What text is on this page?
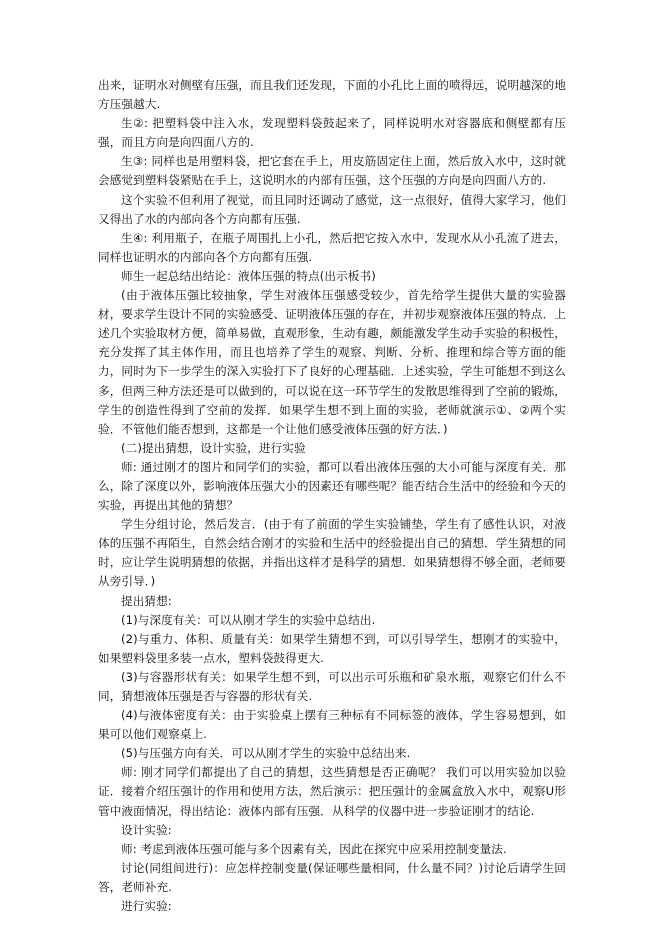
出来，证明水对侧壁有压强，而且我们还发现，下面的小孔比上面的喷得远，说明越深的地方压强越大.

生②: 把塑料袋中注入水，发现塑料袋鼓起来了，同样说明水对容器底和侧壁都有压强，而且方向是向四面八方的.

生③: 同样也是用塑料袋，把它套在手上，用皮筋固定住上面，然后放入水中，这时就会感觉到塑料袋紧贴在手上，这说明水的内部有压强，这个压强的方向是向四面八方的.

这个实验不但利用了视觉，而且同时还调动了感觉，这一点很好，值得大家学习，他们又得出了水的内部向各个方向都有压强.

生④: 利用瓶子，在瓶子周围扎上小孔，然后把它按入水中，发现水从小孔流了进去，同样也证明水的内部向各个方向都有压强.

师生一起总结出结论：液体压强的特点(出示板书)

(由于液体压强比较抽象，学生对液体压强感受较少，首先给学生提供大量的实验器材，要求学生设计不同的实验感受、证明液体压强的存在，并初步观察液体压强的特点．上述几个实验取材方便，简单易做，直观形象，生动有趣，颇能激发学生动手实验的积极性，充分发挥了其主体作用，而且也培养了学生的观察、判断、分析、推理和综合等方面的能力，同时为下一步学生的深入实验打下了良好的心理基础．上述实验，学生可能想不到这么多，但两三种方法还是可以做到的，可以说在这一环节学生的发散思维得到了空前的锻炼，学生的创造性得到了空前的发挥．如果学生想不到上面的实验，老师就演示①、②两个实验．不管他们能否想到，这都是一个让他们感受液体压强的好方法．)

(二)提出猜想，设计实验，进行实验

师: 通过刚才的图片和同学们的实验，都可以看出液体压强的大小可能与深度有关．那么，除了深度以外，影响液体压强大小的因素还有哪些呢？能否结合生活中的经验和今天的实验，再提出其他的猜想？

学生分组讨论，然后发言．(由于有了前面的学生实验铺垫，学生有了感性认识，对液体的压强不再陌生，自然会结合刚才的实验和生活中的经验提出自己的猜想．学生猜想的同时，应让学生说明猜想的依据，并指出这样才是科学的猜想．如果猜想得不够全面，老师要从旁引导．)

提出猜想:

(1)与深度有关：可以从刚才学生的实验中总结出.

(2)与重力、体积、质量有关：如果学生猜想不到，可以引导学生，想刚才的实验中，如果塑料袋里多装一点水，塑料袋鼓得更大.

(3)与容器形状有关：如果学生想不到，可以出示可乐瓶和矿泉水瓶，观察它们什么不同，猜想液体压强是否与容器的形状有关.

(4)与液体密度有关：由于实验桌上摆有三种标有不同标签的液体，学生容易想到，如果可以他们观察桌上.

(5)与压强方向有关．可以从刚才学生的实验中总结出来.

师: 刚才同学们都提出了自己的猜想，这些猜想是否正确呢？ 我们可以用实验加以验证．接着介绍压强计的作用和使用方法，然后演示：把压强计的金属盒放入水中，观察U形管中液面情况，得出结论：液体内部有压强．从科学的仪器中进一步验证刚才的结论.

设计实验:

师: 考虑到液体压强可能与多个因素有关，因此在探究中应采用控制变量法.

讨论(同组间进行)：应怎样控制变量(保证哪些量相同，什么量不同？)讨论后请学生回答，老师补充.

进行实验:
